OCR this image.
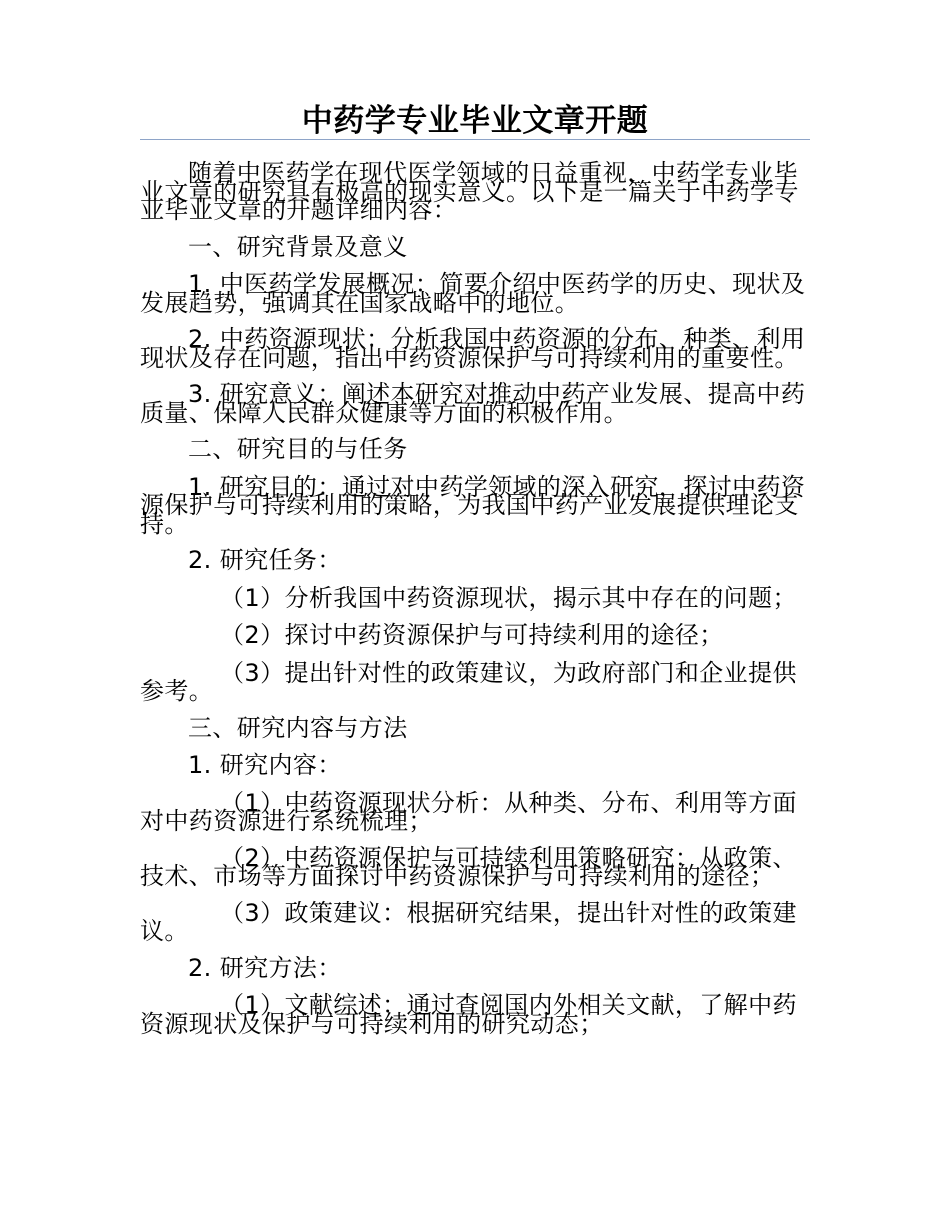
中药学专业毕业文章开题

随着中医药学在现代医学领域的日益重视，中药学专业毕业文章的研究具有极高的现实意义。以下是一篇关于中药学专业毕业文章的开题详细内容：

一、研究背景及意义

1. 中医药学发展概况：简要介绍中医药学的历史、现状及发展趋势，强调其在国家战略中的地位。

2. 中药资源现状：分析我国中药资源的分布、种类、利用现状及存在问题，指出中药资源保护与可持续利用的重要性。

3. 研究意义：阐述本研究对推动中药产业发展、提高中药质量、保障人民群众健康等方面的积极作用。

二、研究目的与任务

1. 研究目的：通过对中药学领域的深入研究，探讨中药资源保护与可持续利用的策略，为我国中药产业发展提供理论支持。

2. 研究任务：

（1）分析我国中药资源现状，揭示其中存在的问题；

（2）探讨中药资源保护与可持续利用的途径；

（3）提出针对性的政策建议，为政府部门和企业提供参考。

三、研究内容与方法

1. 研究内容：

（1）中药资源现状分析：从种类、分布、利用等方面对中药资源进行系统梳理；

（2）中药资源保护与可持续利用策略研究：从政策、技术、市场等方面探讨中药资源保护与可持续利用的途径；

（3）政策建议：根据研究结果，提出针对性的政策建议。

2. 研究方法：

（1）文献综述：通过查阅国内外相关文献，了解中药资源现状及保护与可持续利用的研究动态；
